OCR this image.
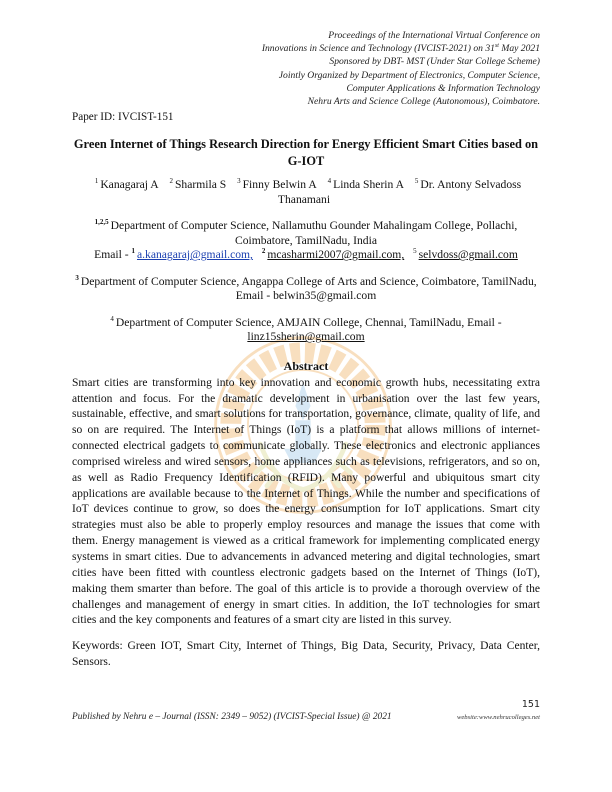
Proceedings of the International Virtual Conference on
Innovations in Science and Technology (IVCIST-2021) on 31st May 2021
Sponsored by DBT- MST (Under Star College Scheme)
Jointly Organized by Department of Electronics, Computer Science,
Computer Applications & Information Technology
Nehru Arts and Science College (Autonomous), Coimbatore.
Paper ID: IVCIST-151
Green Internet of Things Research Direction for Energy Efficient Smart Cities based on G-IOT
$^1$ Kanagaraj A $^2$ Sharmila S $^3$ Finny Belwin A $^4$ Linda Sherin A $^5$ Dr. Antony Selvadoss Thanamani
$^{1,2,5}$ Department of Computer Science, Nallamuthu Gounder Mahalingam College, Pollachi, Coimbatore, TamilNadu, India
Email - $^1$ a.kanagaraj@gmail.com, $^2$ mcasharmi2007@gmail.com, $^5$ selvdoss@gmail.com
$^3$ Department of Computer Science, Angappa College of Arts and Science, Coimbatore, TamilNadu, Email - belwin35@gmail.com
$^4$ Department of Computer Science, AMJAIN College, Chennai, TamilNadu, Email -
linz15sherin@gmail.com
Abstract
Smart cities are transforming into key innovation and economic growth hubs, necessitating extra attention and focus. For the dramatic development in urbanisation over the last few years, sustainable, effective, and smart solutions for transportation, governance, climate, quality of life, and so on are required. The Internet of Things (IoT) is a platform that allows millions of internet-connected electrical gadgets to communicate globally. These electronics and electronic appliances comprised wireless and wired sensors, home appliances such as televisions, refrigerators, and so on, as well as Radio Frequency Identification (RFID). Many powerful and ubiquitous smart city applications are available because to the Internet of Things. While the number and specifications of IoT devices continue to grow, so does the energy consumption for IoT applications. Smart city strategies must also be able to properly employ resources and manage the issues that come with them. Energy management is viewed as a critical framework for implementing complicated energy systems in smart cities. Due to advancements in advanced metering and digital technologies, smart cities have been fitted with countless electronic gadgets based on the Internet of Things (IoT), making them smarter than before. The goal of this article is to provide a thorough overview of the challenges and management of energy in smart cities. In addition, the IoT technologies for smart cities and the key components and features of a smart city are listed in this survey.
Keywords: Green IOT, Smart City, Internet of Things, Big Data, Security, Privacy, Data Center, Sensors.
151
Published by Nehru e – Journal (ISSN: 2349 – 9052) (IVCIST-Special Issue) @ 2021	website:www.nehrucolleges.net
